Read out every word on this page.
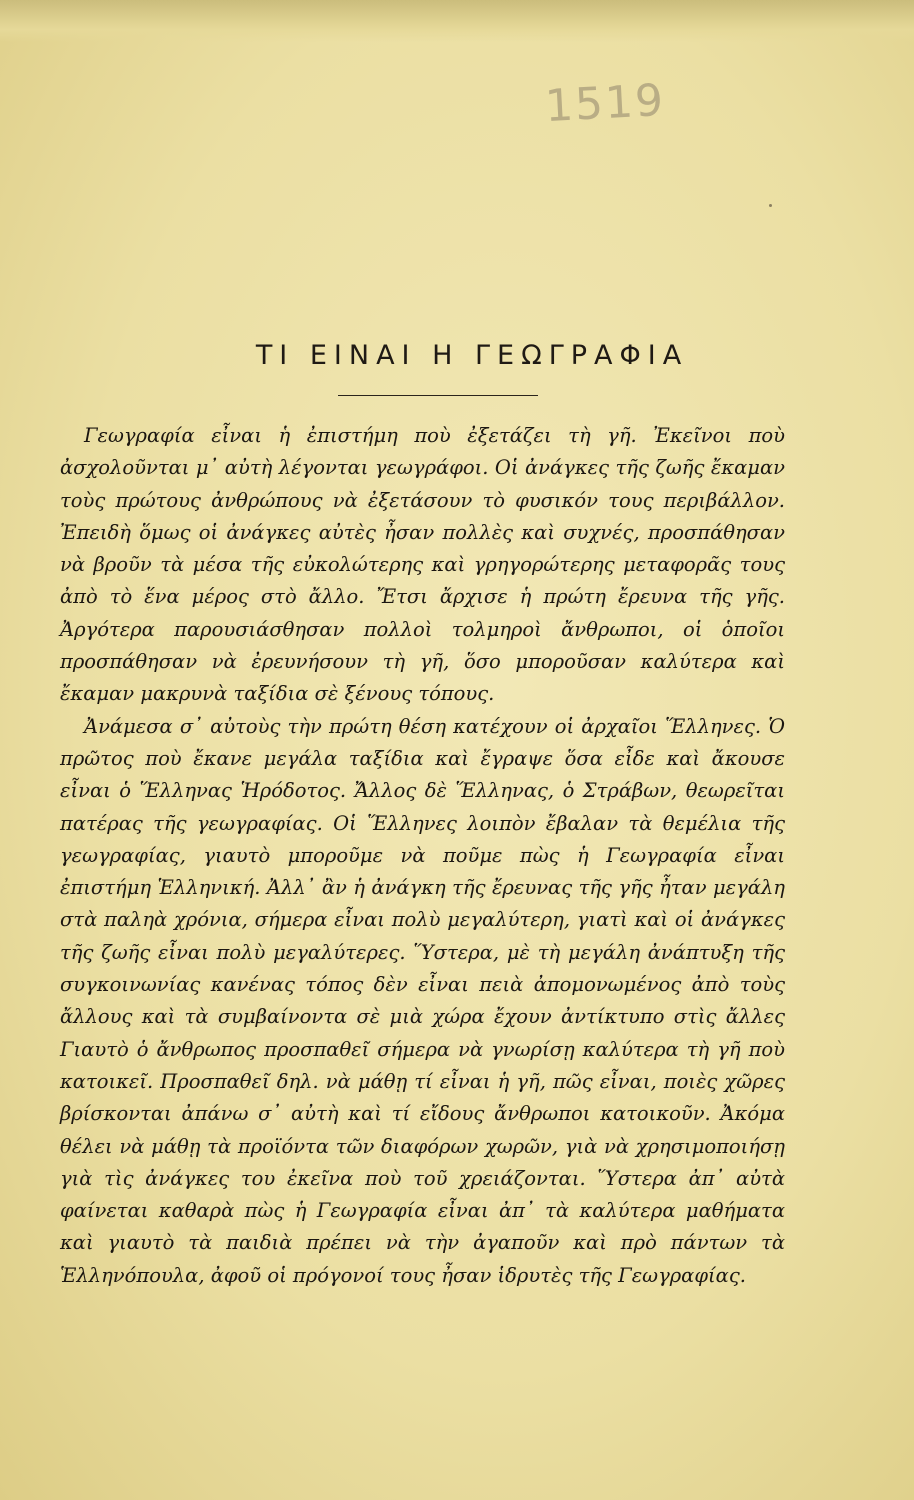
1519
ΤΙ ΕΙΝΑΙ Η ΓΕΩΓΡΑΦΙΑ

Γεωγραφία εἶναι ἡ ἐπιστήμη ποὺ ἐξετάζει τὴ γῆ. Ἐκεῖνοι ποὺ ἀσχολοῦνται μ᾽ αὐτὴ λέγονται γεωγράφοι. Οἱ ἀνάγκες τῆς ζωῆς ἔκαμαν τοὺς πρώτους ἀνθρώπους νὰ ἐξετάσουν τὸ φυσικόν τους περιβάλλον. Ἐπειδὴ ὅμως οἱ ἀνάγκες αὐτὲς ἦσαν πολλὲς καὶ συχνές, προσπάθησαν νὰ βροῦν τὰ μέσα τῆς εὐκολώτερης καὶ γρηγορώτερης μεταφορᾶς τους ἀπὸ τὸ ἕνα μέρος στὸ ἄλλο. Ἔτσι ἄρχισε ἡ πρώτη ἔρευνα τῆς γῆς. Ἀργότερα παρουσιάσθησαν πολλοὶ τολμηροὶ ἄνθρωποι, οἱ ὁποῖοι προσπάθησαν νὰ ἐρευνήσουν τὴ γῆ, ὅσο μποροῦσαν καλύτερα καὶ ἔκαμαν μακρυνὰ ταξίδια σὲ ξένους τόπους.

Ἀνάμεσα σ᾽ αὐτοὺς τὴν πρώτη θέση κατέχουν οἱ ἀρχαῖοι Ἕλληνες. Ὁ πρῶτος ποὺ ἔκανε μεγάλα ταξίδια καὶ ἔγραψε ὅσα εἶδε καὶ ἄκουσε εἶναι ὁ Ἕλληνας Ἡρόδοτος. Ἄλλος δὲ Ἕλληνας, ὁ Στράβων, θεωρεῖται πατέρας τῆς γεωγραφίας. Οἱ Ἕλληνες λοιπὸν ἔβαλαν τὰ θεμέλια τῆς γεωγραφίας, γιαυτὸ μποροῦμε νὰ ποῦμε πὼς ἡ Γεωγραφία εἶναι ἐπιστήμη Ἑλληνική. Ἀλλ᾽ ἂν ἡ ἀνάγκη τῆς ἔρευνας τῆς γῆς ἦταν μεγάλη στὰ παληὰ χρόνια, σήμερα εἶναι πολὺ μεγαλύτερη, γιατὶ καὶ οἱ ἀνάγκες τῆς ζωῆς εἶναι πολὺ μεγαλύτερες. Ὕστερα, μὲ τὴ μεγάλη ἀνάπτυξη τῆς συγκοινωνίας κανένας τόπος δὲν εἶναι πειὰ ἀπομονωμένος ἀπὸ τοὺς ἄλλους καὶ τὰ συμβαίνοντα σὲ μιὰ χώρα ἔχουν ἀντίκτυπο στὶς ἄλλες Γιαυτὸ ὁ ἄνθρωπος προσπαθεῖ σήμερα νὰ γνωρίσῃ καλύτερα τὴ γῆ ποὺ κατοικεῖ. Προσπαθεῖ δηλ. νὰ μάθῃ τί εἶναι ἡ γῆ, πῶς εἶναι, ποιὲς χῶρες βρίσκονται ἀπάνω σ᾽ αὐτὴ καὶ τί εἴδους ἄνθρωποι κατοικοῦν. Ἀκόμα θέλει νὰ μάθῃ τὰ προϊόντα τῶν διαφόρων χωρῶν, γιὰ νὰ χρησιμοποιήσῃ γιὰ τὶς ἀνάγκες του ἐκεῖνα ποὺ τοῦ χρειάζονται. Ὕστερα ἀπ᾽ αὐτὰ φαίνεται καθαρὰ πὼς ἡ Γεωγραφία εἶναι ἀπ᾽ τὰ καλύτερα μαθήματα καὶ γιαυτὸ τὰ παιδιὰ πρέπει νὰ τὴν ἀγαποῦν καὶ πρὸ πάντων τὰ Ἑλληνόπουλα, ἀφοῦ οἱ πρόγονοί τους ἦσαν ἱδρυτὲς τῆς Γεωγραφίας.
